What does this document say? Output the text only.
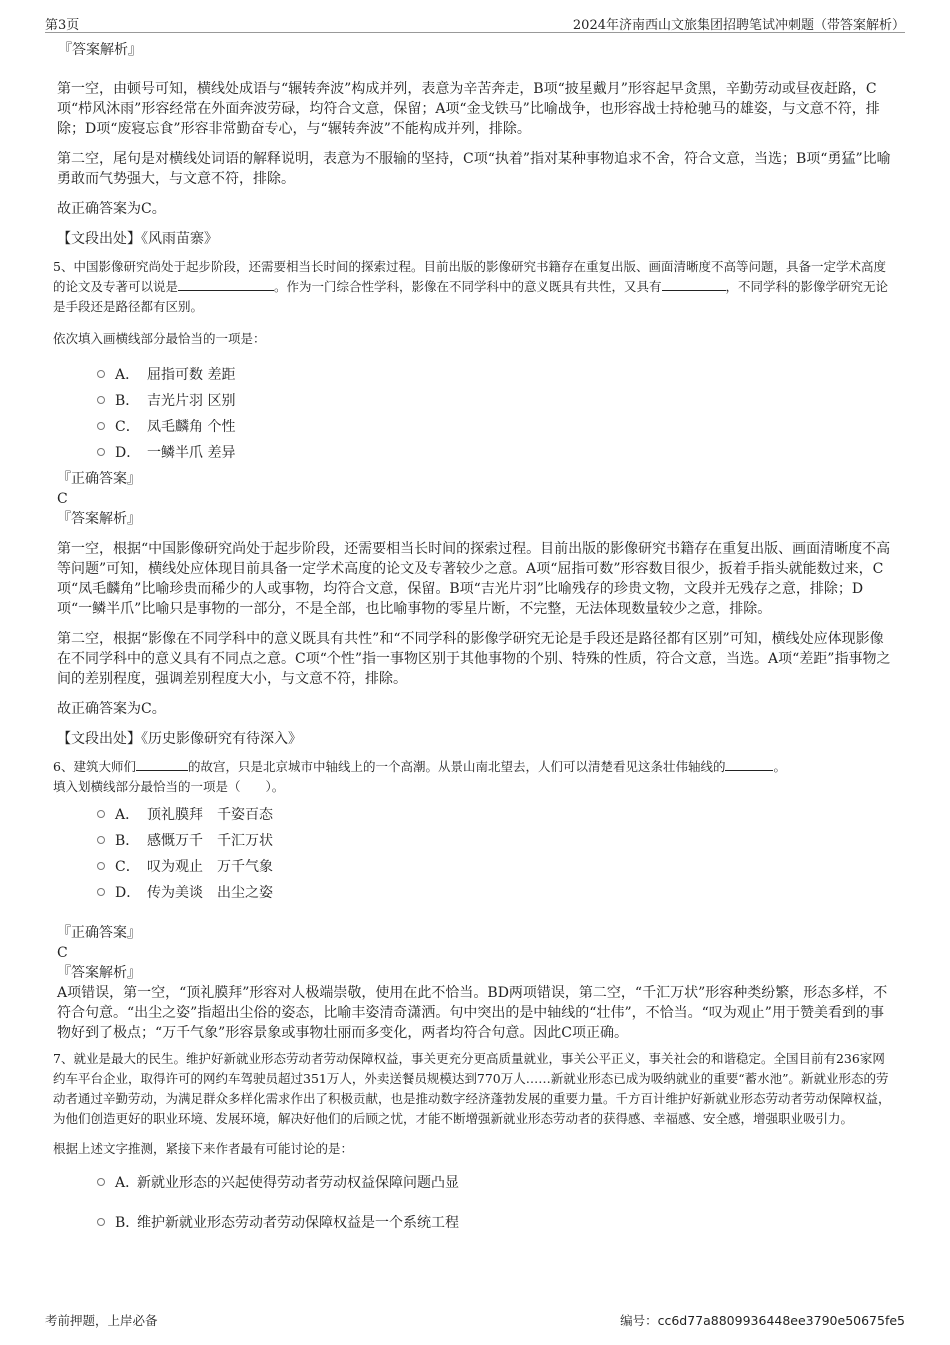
第3页	2024年济南西山文旅集团招聘笔试冲刺题（带答案解析）

『答案解析』

第一空，由顿号可知，横线处成语与“辗转奔波”构成并列，表意为辛苦奔走，B项“披星戴月”形容起早贪黑，辛勤劳动或昼夜赶路，C项“栉风沐雨”形容经常在外面奔波劳碌，均符合文意，保留；A项“金戈铁马”比喻战争，也形容战士持枪驰马的雄姿，与文意不符，排除；D项“废寝忘食”形容非常勤奋专心，与“辗转奔波”不能构成并列，排除。

第二空，尾句是对横线处词语的解释说明，表意为不服输的坚持，C项“执着”指对某种事物追求不舍，符合文意，当选；B项“勇猛”比喻勇敢而气势强大，与文意不符，排除。

故正确答案为C。

【文段出处】《风雨苗寨》

5、中国影像研究尚处于起步阶段，还需要相当长时间的探索过程。目前出版的影像研究书籍存在重复出版、画面清晰度不高等问题，具备一定学术高度的论文及专著可以说是	。作为一门综合性学科，影像在不同学科中的意义既具有共性，又具有	，不同学科的影像学研究无论是手段还是路径都有区别。

依次填入画横线部分最恰当的一项是：

A． 屈指可数 差距
B． 吉光片羽 区别
C． 凤毛麟角 个性
D． 一鳞半爪 差异

『正确答案』

C

『答案解析』

第一空，根据“中国影像研究尚处于起步阶段，还需要相当长时间的探索过程。目前出版的影像研究书籍存在重复出版、画面清晰度不高等问题”可知，横线处应体现目前具备一定学术高度的论文及专著较少之意。A项“屈指可数”形容数目很少，扳着手指头就能数过来，C项“凤毛麟角”比喻珍贵而稀少的人或事物，均符合文意，保留。B项“吉光片羽”比喻残存的珍贵文物，文段并无残存之意，排除；D项“一鳞半爪”比喻只是事物的一部分，不是全部，也比喻事物的零星片断，不完整，无法体现数量较少之意，排除。

第二空，根据“影像在不同学科中的意义既具有共性”和“不同学科的影像学研究无论是手段还是路径都有区别”可知，横线处应体现影像在不同学科中的意义具有不同点之意。C项“个性”指一事物区别于其他事物的个别、特殊的性质，符合文意，当选。A项“差距”指事物之间的差别程度，强调差别程度大小，与文意不符，排除。

故正确答案为C。

【文段出处】《历史影像研究有待深入》

6、建筑大师们	的故宫，只是北京城市中轴线上的一个高潮。从景山南北望去，人们可以清楚看见这条壮伟轴线的	。

填入划横线部分最恰当的一项是（　　）。

A． 顶礼膜拜　千姿百态
B． 感慨万千　千汇万状
C． 叹为观止　万千气象
D． 传为美谈　出尘之姿

『正确答案』

C

『答案解析』

A项错误，第一空，“顶礼膜拜”形容对人极端崇敬，使用在此不恰当。BD两项错误，第二空，“千汇万状”形容种类纷繁，形态多样，不符合句意。“出尘之姿”指超出尘俗的姿态，比喻丰姿清奇潇洒。句中突出的是中轴线的“壮伟”，不恰当。“叹为观止”用于赞美看到的事物好到了极点；“万千气象”形容景象或事物壮丽而多变化，两者均符合句意。因此C项正确。

7、就业是最大的民生。维护好新就业形态劳动者劳动保障权益，事关更充分更高质量就业，事关公平正义，事关社会的和谐稳定。全国目前有236家网约车平台企业，取得许可的网约车驾驶员超过351万人，外卖送餐员规模达到770万人……新就业形态已成为吸纳就业的重要“蓄水池”。新就业形态的劳动者通过辛勤劳动，为满足群众多样化需求作出了积极贡献，也是推动数字经济蓬勃发展的重要力量。千方百计维护好新就业形态劳动者劳动保障权益，为他们创造更好的职业环境、发展环境，解决好他们的后顾之忧，才能不断增强新就业形态劳动者的获得感、幸福感、安全感，增强职业吸引力。

根据上述文字推测，紧接下来作者最有可能讨论的是：

A．
新就业形态的兴起使得劳动者劳动权益保障问题凸显
B．
维护新就业形态劳动者劳动保障权益是一个系统工程
考前押题，上岸必备	编号：cc6d77a8809936448ee3790e50675fe5
